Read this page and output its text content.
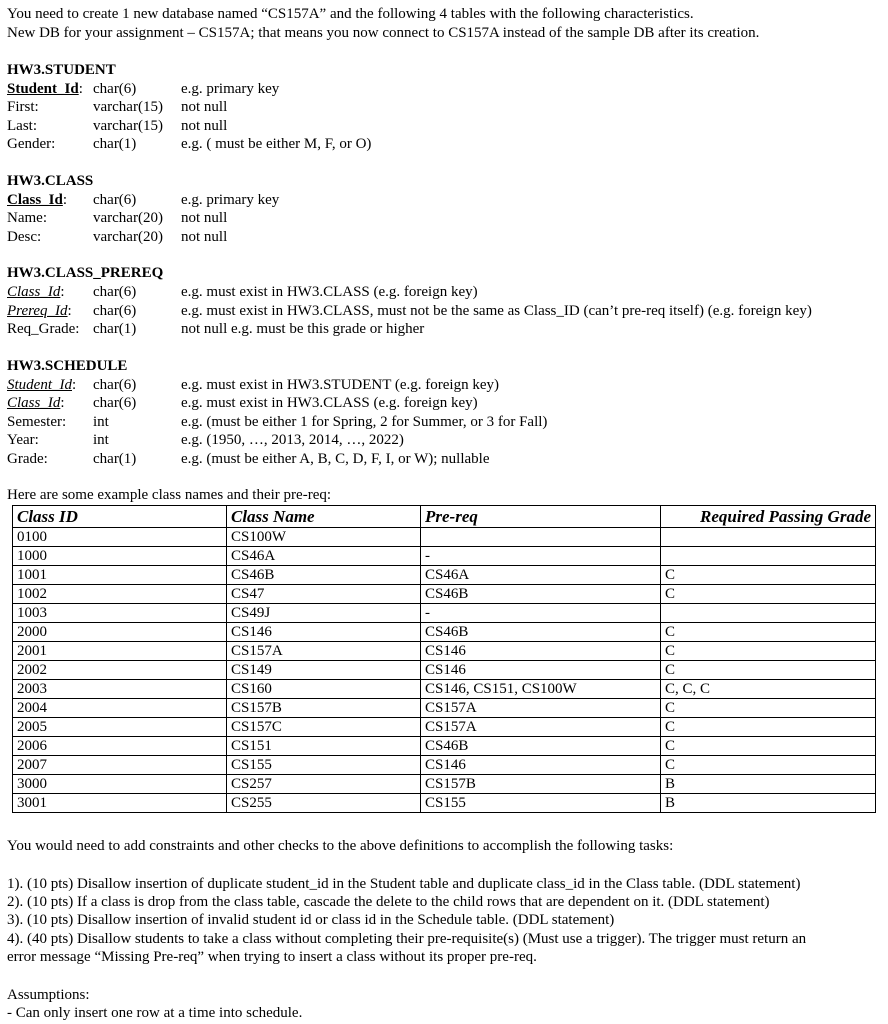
You need to create 1 new database named “CS157A” and the following 4 tables with the following characteristics.
New DB for your assignment – CS157A; that means you now connect to CS157A instead of the sample DB after its creation.
HW3.STUDENT
Student_Id: char(6)	e.g. primary key
First:	varchar(15) not null
Last:	varchar(15) not null
Gender:	char(1)	e.g. ( must be either M, F, or O)
HW3.CLASS
Class_Id: char(6)	e.g. primary key
Name:	varchar(20) not null
Desc:	varchar(20) not null
HW3.CLASS_PREREQ
Class_Id: char(6)	e.g. must exist in HW3.CLASS (e.g. foreign key)
Prereq_Id: char(6)	e.g. must exist in HW3.CLASS, must not be the same as Class_ID (can’t pre-req itself) (e.g. foreign key)
Req_Grade: char(1)	not null e.g. must be this grade or higher
HW3.SCHEDULE
Student_Id: char(6)	e.g. must exist in HW3.STUDENT (e.g. foreign key)
Class_Id: char(6)	e.g. must exist in HW3.CLASS (e.g. foreign key)
Semester: int	e.g. (must be either 1 for Spring, 2 for Summer, or 3 for Fall)
Year:	int	e.g. (1950, …, 2013, 2014, …, 2022)
Grade:	char(1)	e.g. (must be either A, B, C, D, F, I, or W); nullable
Here are some example class names and their pre-req:
Class ID	Class Name	Pre-req	Required Passing Grade
0100	CS100W		
1000	CS46A	-	
1001	CS46B	CS46A	C
1002	CS47	CS46B	C
1003	CS49J	-	
2000	CS146	CS46B	C
2001	CS157A	CS146	C
2002	CS149	CS146	C
2003	CS160	CS146, CS151, CS100W	C, C, C
2004	CS157B	CS157A	C
2005	CS157C	CS157A	C
2006	CS151	CS46B	C
2007	CS155	CS146	C
3000	CS257	CS157B	B
3001	CS255	CS155	B
You would need to add constraints and other checks to the above definitions to accomplish the following tasks:
1). (10 pts) Disallow insertion of duplicate student_id in the Student table and duplicate class_id in the Class table. (DDL statement)
2). (10 pts) If a class is drop from the class table, cascade the delete to the child rows that are dependent on it. (DDL statement)
3). (10 pts) Disallow insertion of invalid student id or class id in the Schedule table. (DDL statement)
4). (40 pts) Disallow students to take a class without completing their pre-requisite(s) (Must use a trigger). The trigger must return an
error message “Missing Pre-req” when trying to insert a class without its proper pre-req.
Assumptions:
- Can only insert one row at a time into schedule.
